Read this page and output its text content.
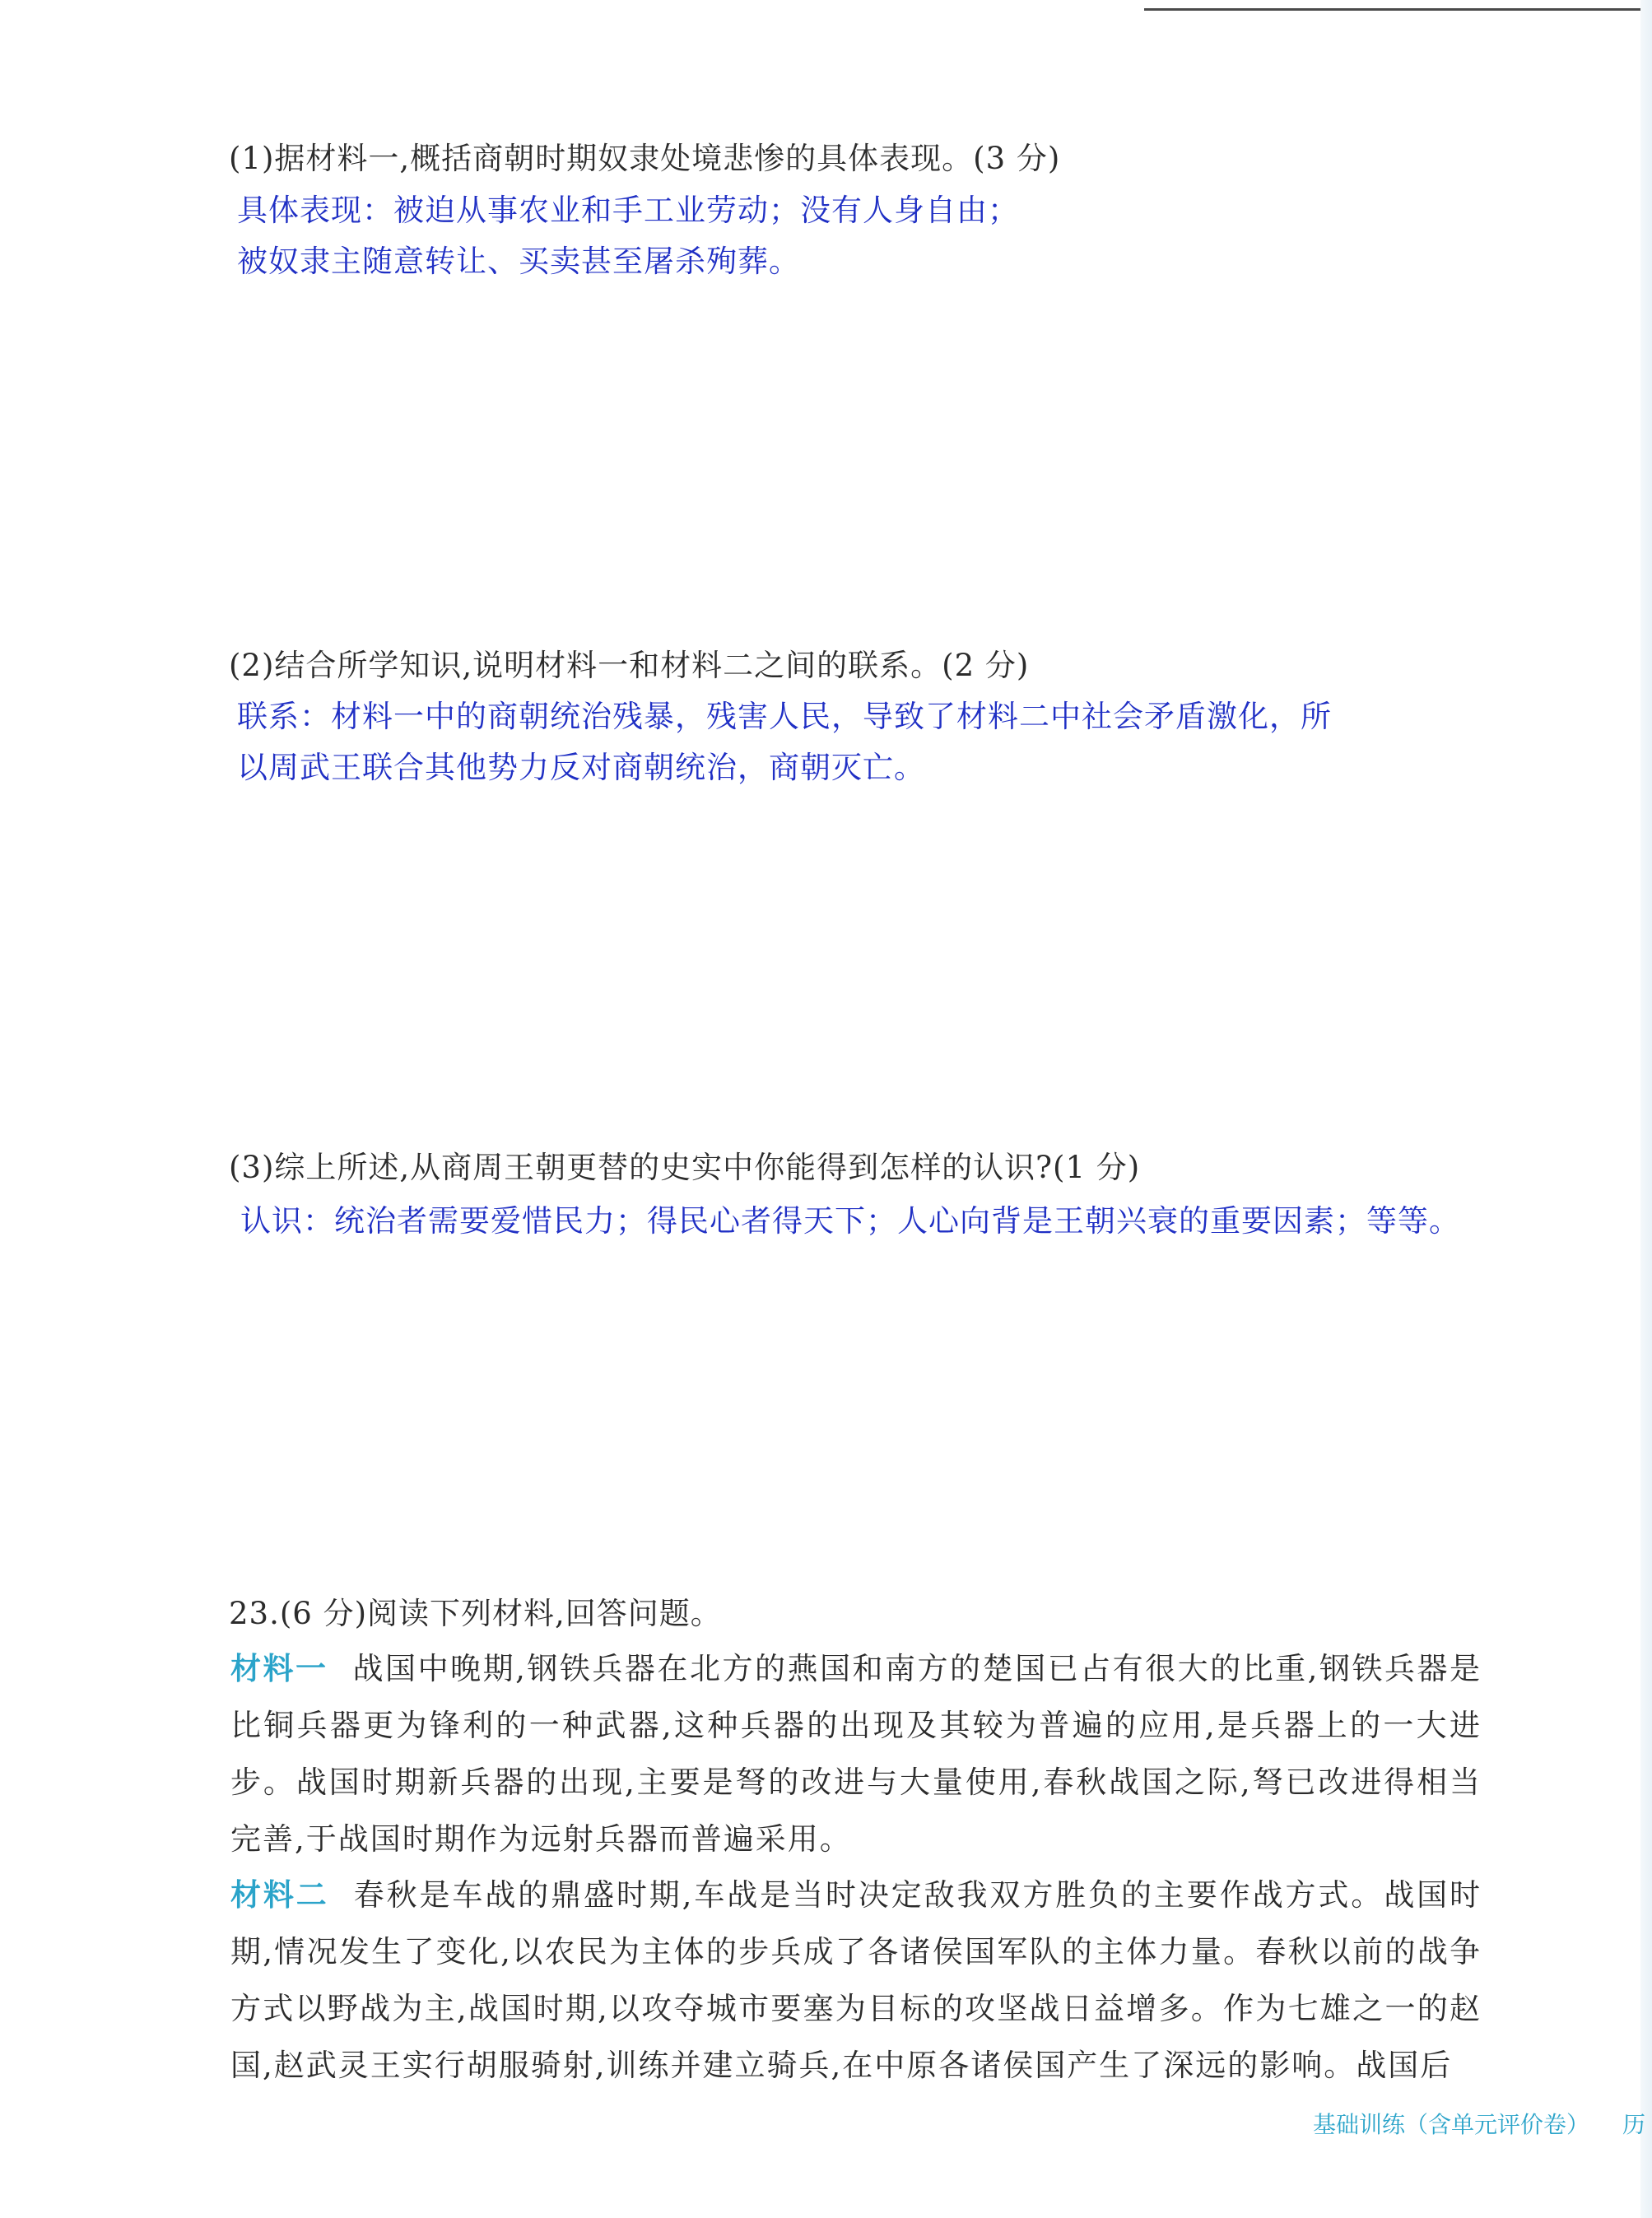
(1)据材料一,概括商朝时期奴隶处境悲惨的具体表现。(3 分)
具体表现：被迫从事农业和手工业劳动；没有人身自由；
被奴隶主随意转让、买卖甚至屠杀殉葬。
(2)结合所学知识,说明材料一和材料二之间的联系。(2 分)
联系：材料一中的商朝统治残暴，残害人民，导致了材料二中社会矛盾激化，所
以周武王联合其他势力反对商朝统治，商朝灭亡。
(3)综上所述,从商周王朝更替的史实中你能得到怎样的认识?(1 分)
认识：统治者需要爱惜民力；得民心者得天下；人心向背是王朝兴衰的重要因素；等等。
23.(6 分)阅读下列材料,回答问题。
材料一 战国中晚期,钢铁兵器在北方的燕国和南方的楚国已占有很大的比重,钢铁兵器是比铜兵器更为锋利的一种武器,这种兵器的出现及其较为普遍的应用,是兵器上的一大进步。战国时期新兵器的出现,主要是弩的改进与大量使用,春秋战国之际,弩已改进得相当完善,于战国时期作为远射兵器而普遍采用。
材料二 春秋是车战的鼎盛时期,车战是当时决定敌我双方胜负的主要作战方式。战国时期,情况发生了变化,以农民为主体的步兵成了各诸侯国军队的主体力量。春秋以前的战争方式以野战为主,战国时期,以攻夺城市要塞为目标的攻坚战日益增多。作为七雄之一的赵国,赵武灵王实行胡服骑射,训练并建立骑兵,在中原各诸侯国产生了深远的影响。战国后
基础训练（含单元评价卷） 历
